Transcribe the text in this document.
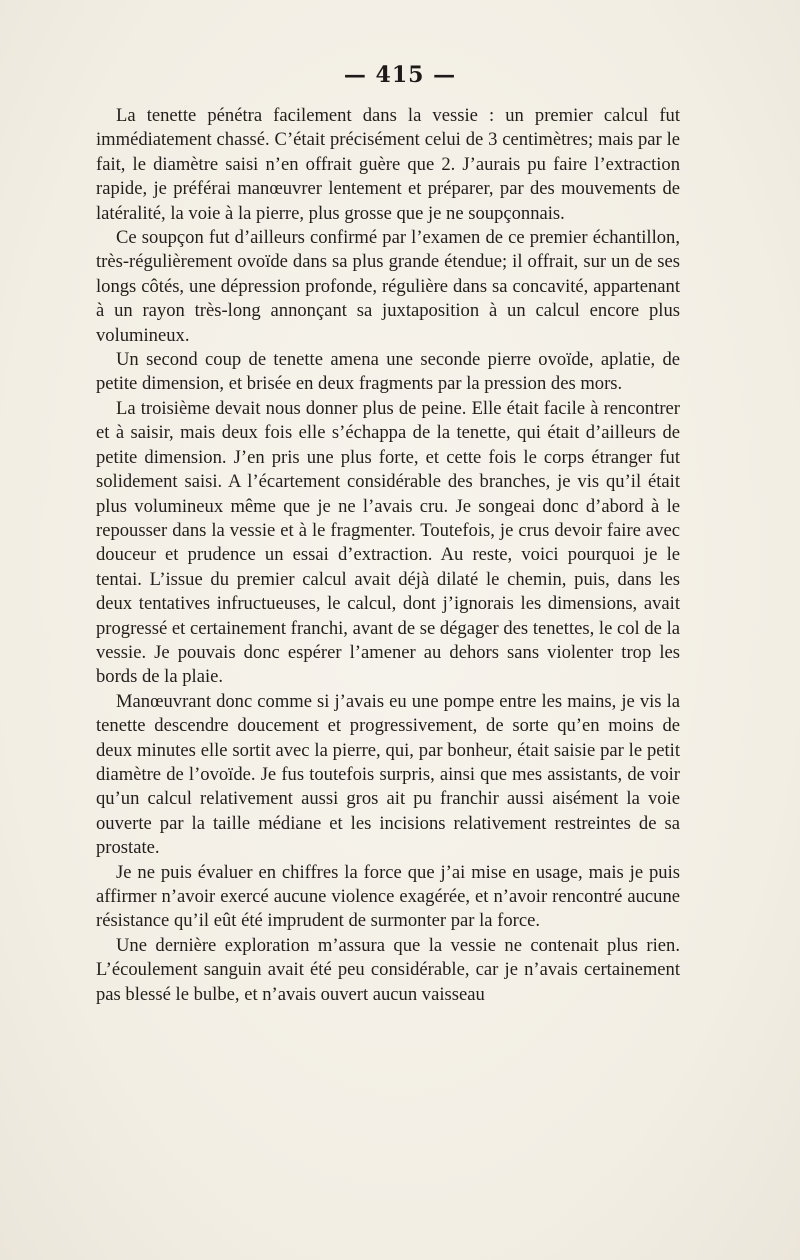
— 415 —

La tenette pénétra facilement dans la vessie : un premier calcul fut immédiatement chassé. C’était précisément celui de 3 centimètres; mais par le fait, le diamètre saisi n’en offrait guère que 2. J’aurais pu faire l’extraction rapide, je préférai manœuvrer lentement et préparer, par des mouvements de latéralité, la voie à la pierre, plus grosse que je ne soupçonnais.

Ce soupçon fut d’ailleurs confirmé par l’examen de ce premier échantillon, très-régulièrement ovoïde dans sa plus grande étendue; il offrait, sur un de ses longs côtés, une dépression profonde, régulière dans sa concavité, appartenant à un rayon très-long annonçant sa juxtaposition à un calcul encore plus volumineux.

Un second coup de tenette amena une seconde pierre ovoïde, aplatie, de petite dimension, et brisée en deux fragments par la pression des mors.

La troisième devait nous donner plus de peine. Elle était facile à rencontrer et à saisir, mais deux fois elle s’échappa de la tenette, qui était d’ailleurs de petite dimension. J’en pris une plus forte, et cette fois le corps étranger fut solidement saisi. A l’écartement considérable des branches, je vis qu’il était plus volumineux même que je ne l’avais cru. Je songeai donc d’abord à le repousser dans la vessie et à le fragmenter. Toutefois, je crus devoir faire avec douceur et prudence un essai d’extraction. Au reste, voici pourquoi je le tentai. L’issue du premier calcul avait déjà dilaté le chemin, puis, dans les deux tentatives infructueuses, le calcul, dont j’ignorais les dimensions, avait progressé et certainement franchi, avant de se dégager des tenettes, le col de la vessie. Je pouvais donc espérer l’amener au dehors sans violenter trop les bords de la plaie.

Manœuvrant donc comme si j’avais eu une pompe entre les mains, je vis la tenette descendre doucement et progressivement, de sorte qu’en moins de deux minutes elle sortit avec la pierre, qui, par bonheur, était saisie par le petit diamètre de l’ovoïde. Je fus toutefois surpris, ainsi que mes assistants, de voir qu’un calcul relativement aussi gros ait pu franchir aussi aisément la voie ouverte par la taille médiane et les incisions relativement restreintes de sa prostate.

Je ne puis évaluer en chiffres la force que j’ai mise en usage, mais je puis affirmer n’avoir exercé aucune violence exagérée, et n’avoir rencontré aucune résistance qu’il eût été imprudent de surmonter par la force.

Une dernière exploration m’assura que la vessie ne contenait plus rien. L’écoulement sanguin avait été peu considérable, car je n’avais certainement pas blessé le bulbe, et n’avais ouvert aucun vaisseau
